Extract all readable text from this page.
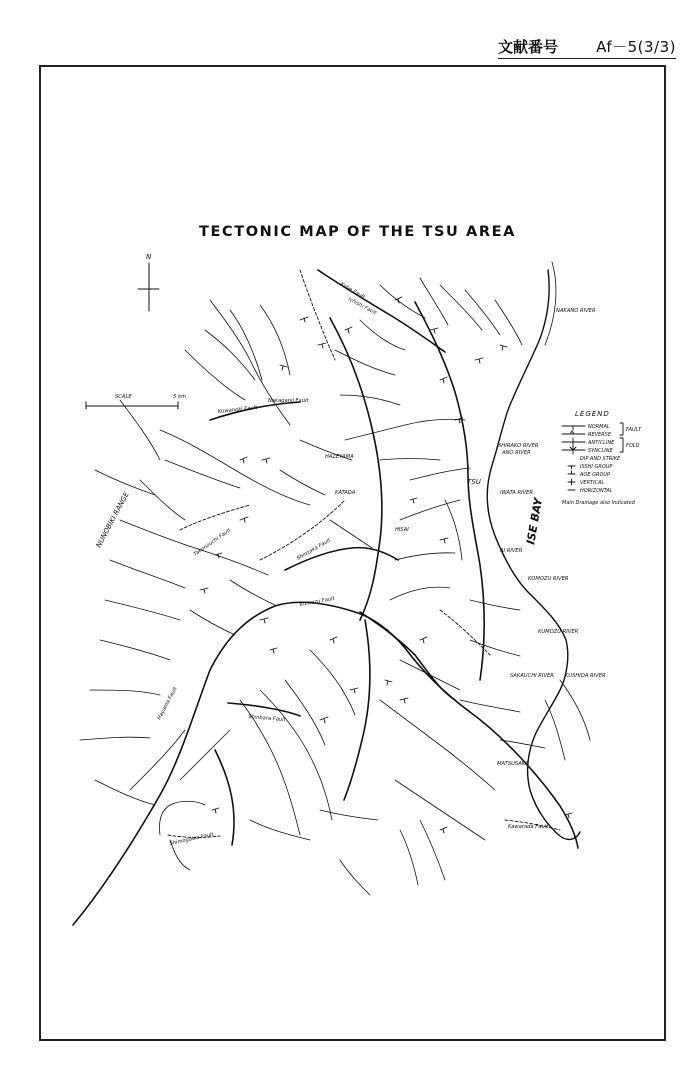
文献番号	Af－5(3/3)
TECTONIC MAP OF THE TSU AREA
N
SCALE	5 km
ISE BAY
NAKANO RIVER
SHIRAKO RIVER
ANO RIVER
IWATA RIVER
AI RIVER
KOMOZU RIVER
KUMOZU RIVER
SAKAUCHI RIVER KUSHIDA RIVER
TSU
HISAI
HAZEYAMA
KATADA
MATSUSAKA
NUNOBIKI RANGE
Kobe Fault
Kuwanoki Fault
Nakaganji Fault
Kumozu Fault
Ichishi Fault
Shinzaka Fault
Takenouchi Fault
Shinbara Fault
Hayama Fault
Kawarada Fault
Shimogawa Fault
LEGEND
NORMAL
REVERSE
ANTICLINE
SYNCLINE
DIP AND STRIKE
ISSHI GROUP
AOE GROUP
VERTICAL
HORIZONTAL
FAULT
FOLD
Main Drainage also Indicated
